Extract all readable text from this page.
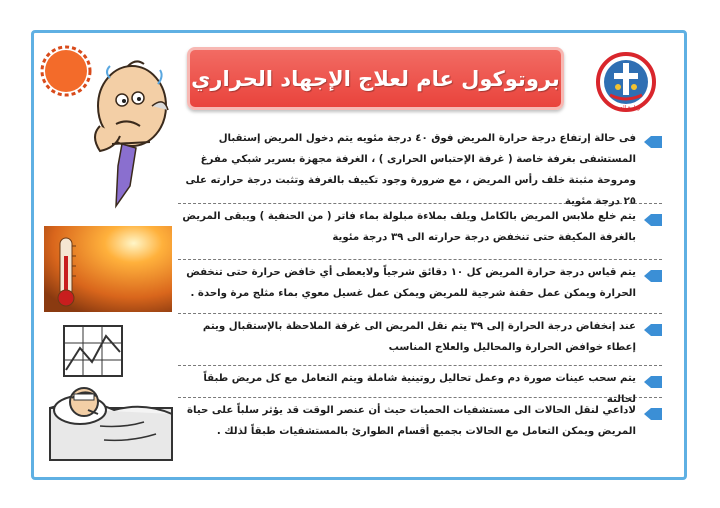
وزارة الصحة
بروتوكول عام لعلاج الإجهاد الحراري
فى حالة إرتفاع درجة حرارة المريض فوق ٤٠ درجة مئويه يتم دخول المريض إستقبال المستشفى بغرفة خاصة ( غرفة الإحتباس الحرارى ) ، الغرفة مجهزة بسرير شبكي مفرغ ومروحة مثبتة خلف رأس المريض ، مع ضرورة وجود تكييف بالغرفة وتثبت درجة حرارته على ٢٥ درجة مئوية
يتم خلع ملابس المريض بالكامل ويلف بملاءة مبلولة بماء فاتر ( من الحنفية ) ويبقى المريض بالغرفة المكيفة حتى تنخفض درجة حرارته الى ٣٩ درجة مئوية
يتم قياس درجة حرارة المريض كل ١٠ دقائق شرجياً ولايعطى أي خافض حرارة حتى تنخفض الحرارة ويمكن عمل حقنة شرجية للمريض ويمكن عمل غسيل معوي بماء مثلج مرة واحدة .
عند إنخفاض درجة الحرارة إلى ٣٩ يتم نقل المريض الى غرفة الملاحظة بالإستقبال ويتم إعطاء خوافض الحرارة والمحاليل والعلاج المناسب
يتم سحب عينات صورة دم وعمل تحاليل روتينية شاملة ويتم التعامل مع كل مريض طبقاً لحالته
لاداعي لنقل الحالات الى مستشفيات الحميات حيث أن عنصر الوقت قد يؤثر سلباً على حياة المريض ويمكن التعامل مع الحالات بجميع أقسام الطوارئ بالمستشفيات طبقاً لذلك .
